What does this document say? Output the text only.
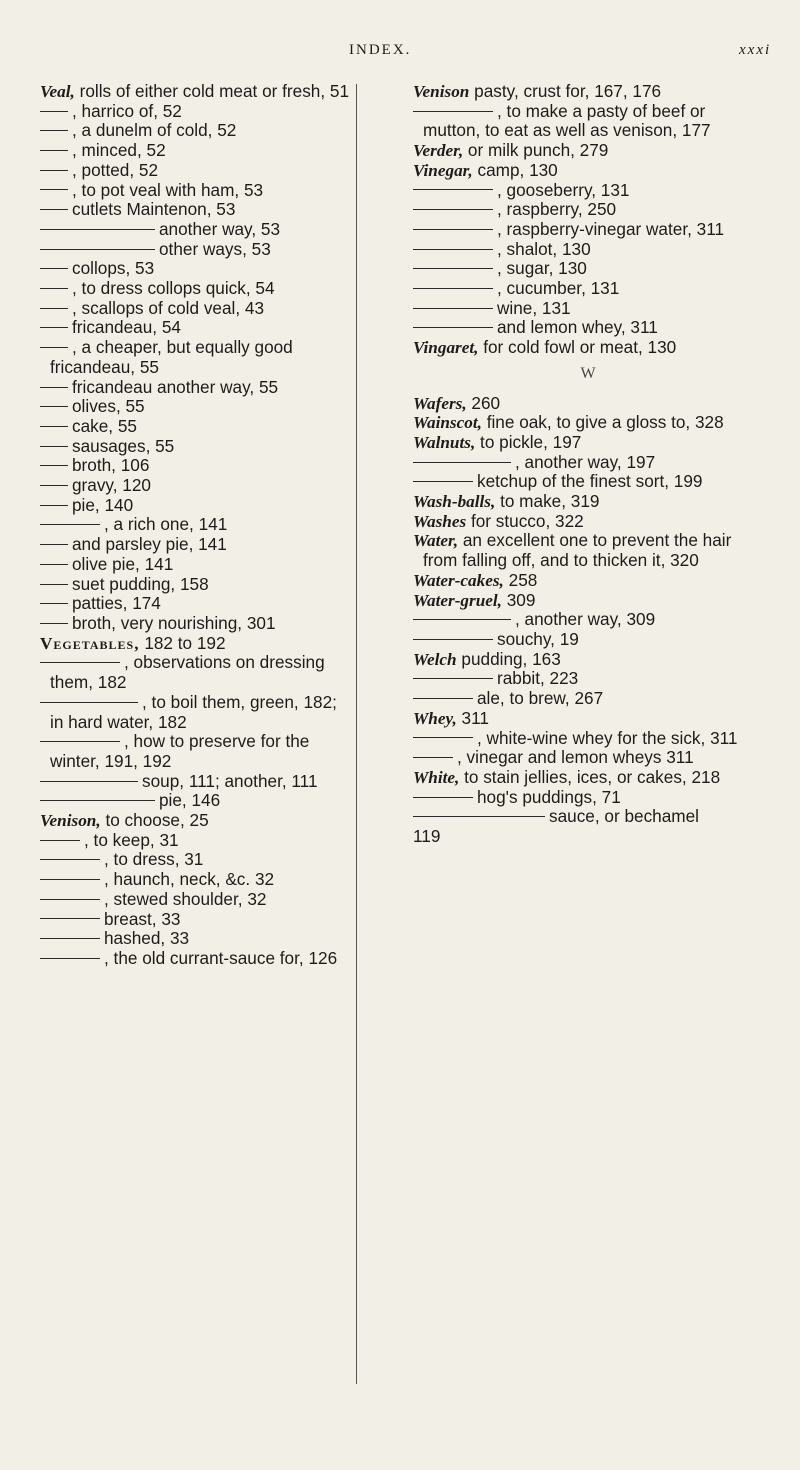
INDEX.	xxxi
Veal, rolls of either cold meat or fresh, 51
, harrico of, 52
, a dunelm of cold, 52
, minced, 52
, potted, 52
, to pot veal with ham, 53
cutlets Maintenon, 53
another way, 53
other ways, 53
collops, 53
, to dress collops quick, 54
, scallops of cold veal, 43
fricandeau, 54
, a cheaper, but equally good fricandeau, 55
fricandeau another way, 55
olives, 55
cake, 55
sausages, 55
broth, 106
gravy, 120
pie, 140
, a rich one, 141
and parsley pie, 141
olive pie, 141
suet pudding, 158
patties, 174
broth, very nourishing, 301
Vegetables, 182 to 192
, observations on dressing them, 182
, to boil them, green, 182; in hard water, 182
, how to preserve for the winter, 191, 192
soup, 111; another, 111
pie, 146
Venison, to choose, 25
, to keep, 31
, to dress, 31
, haunch, neck, &c. 32
, stewed shoulder, 32
breast, 33
hashed, 33
, the old currant-sauce for, 126
Venison pasty, crust for, 167, 176
, to make a pasty of beef or mutton, to eat as well as venison, 177
Verder, or milk punch, 279
Vinegar, camp, 130
, gooseberry, 131
, raspberry, 250
, raspberry-vinegar water, 311
, shalot, 130
, sugar, 130
, cucumber, 131
wine, 131
and lemon whey, 311
Vingaret, for cold fowl or meat, 130
W
Wafers, 260
Wainscot, fine oak, to give a gloss to, 328
Walnuts, to pickle, 197
, another way, 197
ketchup of the finest sort, 199
Wash-balls, to make, 319
Washes for stucco, 322
Water, an excellent one to prevent the hair from falling off, and to thicken it, 320
Water-cakes, 258
Water-gruel, 309
, another way, 309
souchy, 19
Welch pudding, 163
rabbit, 223
ale, to brew, 267
Whey, 311
, white-wine whey for the sick, 311
, vinegar and lemon wheys 311
White, to stain jellies, ices, or cakes, 218
hog's puddings, 71
sauce, or bechamel
119
